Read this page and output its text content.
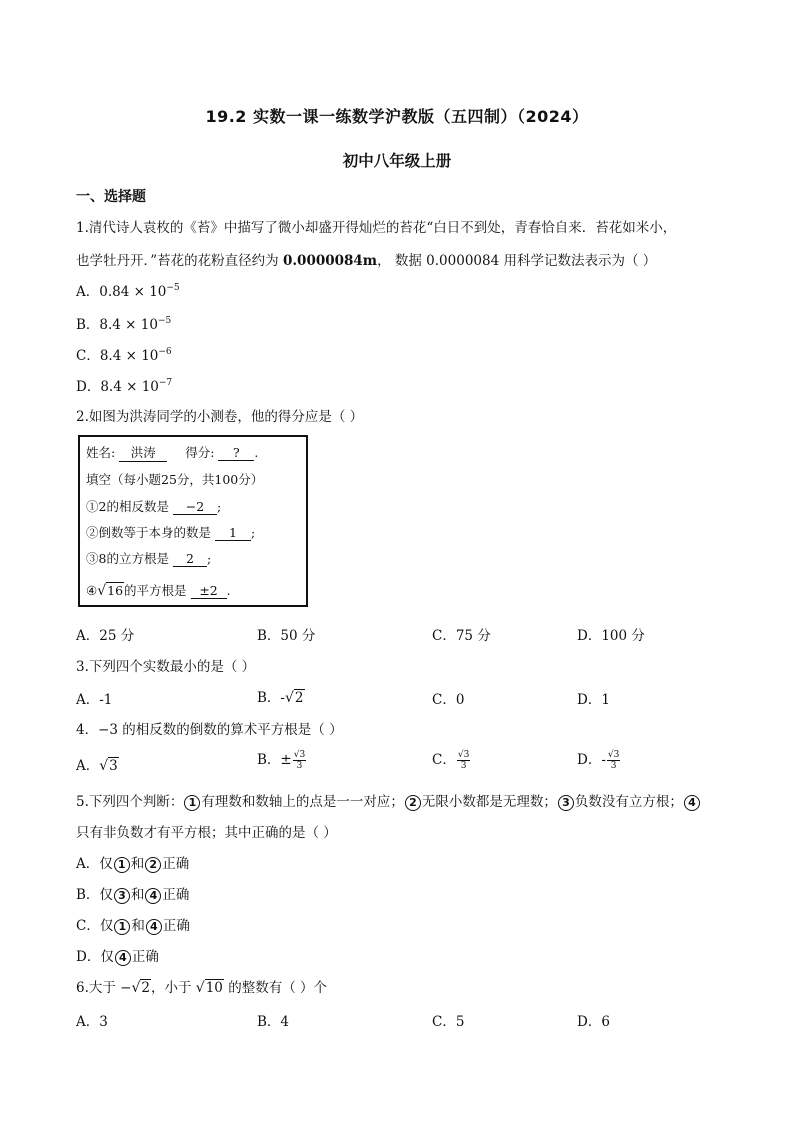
19.2 实数一课一练数学沪教版（五四制）（2024）
初中八年级上册
一、选择题
1.清代诗人袁枚的《苔》中描写了微小却盛开得灿烂的苔花“白日不到处，青春恰自来．苔花如米小，
也学牡丹开．”苔花的花粉直径约为 0.0000084m， 数据 0.0000084 用科学记数法表示为（ ）
A．$0.84 \times 10^{-5}$
B．$8.4 \times 10^{-5}$
C．$8.4 \times 10^{-6}$
D．$8.4 \times 10^{-7}$
2.如图为洪涛同学的小测卷，他的得分应是（ ）
姓名: 洪涛 得分: ? .
填空（每小题25分，共100分）
①2的相反数是 −2 ;
②倒数等于本身的数是 1 ;
③8的立方根是 2 ;
④√16的平方根是 ±2 .
A．25 分	B．50 分	C．75 分	D．100 分
3.下列四个实数最小的是（ ）
A．-1	B．-√2	C．0	D．1
4．−3 的相反数的倒数的算术平方根是（ ）
A．√3	B．± $\frac{√3}{3}$	C． $\frac{√3}{3}$	D．- $\frac{√3}{3}$
5.下列四个判断： 1 有理数和数轴上的点是一一对应； 2 无限小数都是无理数； 3 负数没有立方根； 4
只有非负数才有平方根；其中正确的是（ ）
A．仅 1 和 2 正确
B．仅 3 和 4 正确
C．仅 1 和 4 正确
D．仅 4 正确
6.大于 −√2，小于 √10 的整数有（ ）个
A．3	B．4	C．5	D．6
